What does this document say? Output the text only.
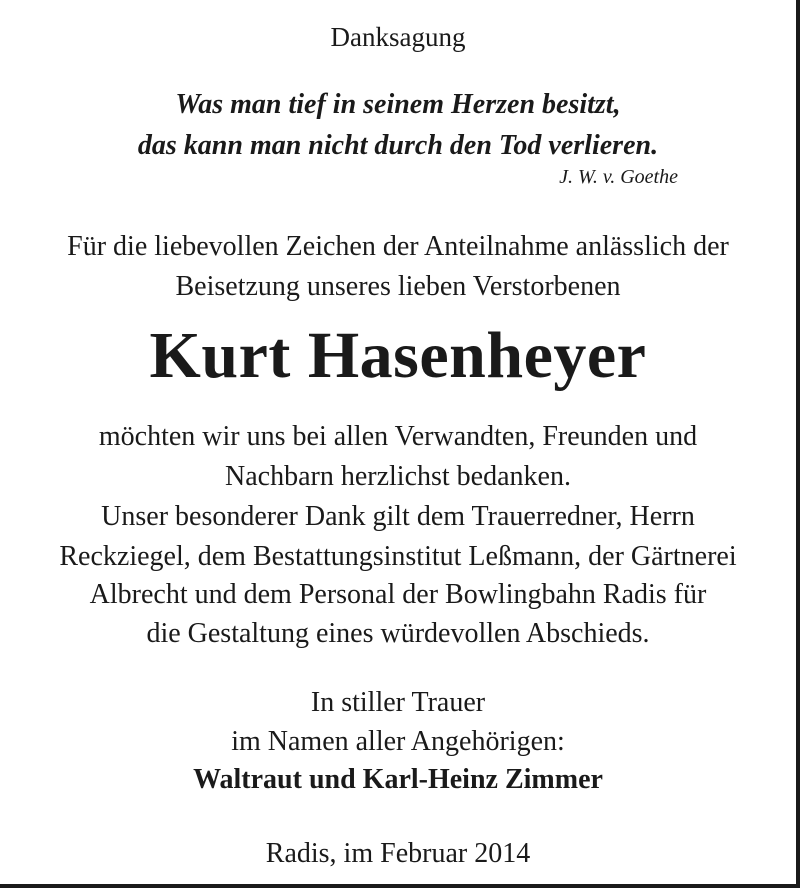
Danksagung
Was man tief in seinem Herzen besitzt,
das kann man nicht durch den Tod verlieren.
J. W. v. Goethe
Für die liebevollen Zeichen der Anteilnahme anlässlich der
Beisetzung unseres lieben Verstorbenen
Kurt Hasenheyer
möchten wir uns bei allen Verwandten, Freunden und
Nachbarn herzlichst bedanken.
Unser besonderer Dank gilt dem Trauerredner, Herrn
Reckziegel, dem Bestattungsinstitut Leßmann, der Gärtnerei
Albrecht und dem Personal der Bowlingbahn Radis für
die Gestaltung eines würdevollen Abschieds.
In stiller Trauer
im Namen aller Angehörigen:
Waltraut und Karl-Heinz Zimmer
Radis, im Februar 2014
